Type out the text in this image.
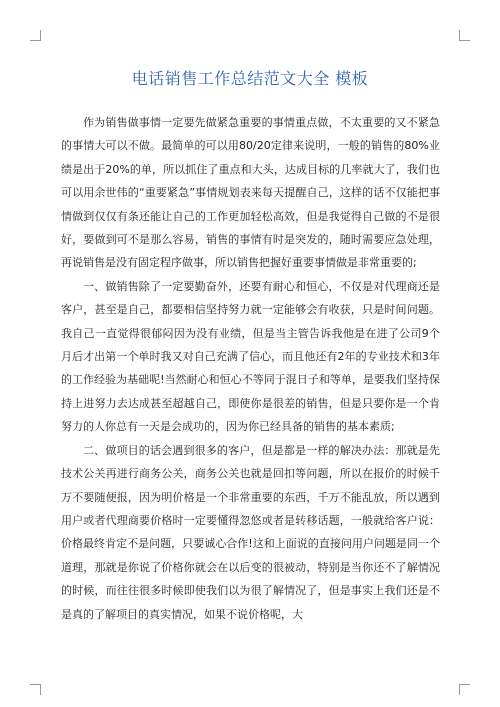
电话销售工作总结范文大全 模板

作为销售做事情一定要先做紧急重要的事情重点做，不太重要的又不紧急的事情大可以不做。最简单的可以用80/20定律来说明，一般的销售的80%业绩是出于20%的单，所以抓住了重点和大头，达成目标的几率就大了，我们也可以用余世伟的“重要紧急”事情规划表来每天提醒自己，这样的话不仅能把事情做到仅仅有条还能让自己的工作更加轻松高效，但是我觉得自己做的不是很好，要做到可不是那么容易，销售的事情有时是突发的，随时需要应急处理，再说销售是没有固定程序做事，所以销售把握好重要事情做是非常重要的;

一、做销售除了一定要勤奋外，还要有耐心和恒心，不仅是对代理商还是客户，甚至是自己，都要相信坚持努力就一定能够会有收获，只是时间问题。我自己一直觉得很郁闷因为没有业绩，但是当主管告诉我他是在进了公司9个月后才出第一个单时我又对自己充满了信心，而且他还有2年的专业技术和3年的工作经验为基础呢!当然耐心和恒心不等同于混日子和等单，是要我们坚持保持上进努力去达成甚至超越自己，即使你是很差的销售，但是只要你是一个肯努力的人你总有一天是会成功的，因为你已经具备的销售的基本素质;

二、做项目的话会遇到很多的客户，但是都是一样的解决办法：那就是先技术公关再进行商务公关，商务公关也就是回扣等问题，所以在报价的时候千万不要随便报，因为明价格是一个非常重要的东西，千万不能乱放，所以遇到用户或者代理商要价格时一定要懂得忽悠或者是转移话题，一般就给客户说：价格最终肯定不是问题，只要诚心合作!这和上面说的直接问用户问题是同一个道理，那就是你说了价格你就会在以后变的很被动，特别是当你还不了解情况的时候，而往往很多时候即使我们以为很了解情况了，但是事实上我们还是不是真的了解项目的真实情况，如果不说价格呢，大
